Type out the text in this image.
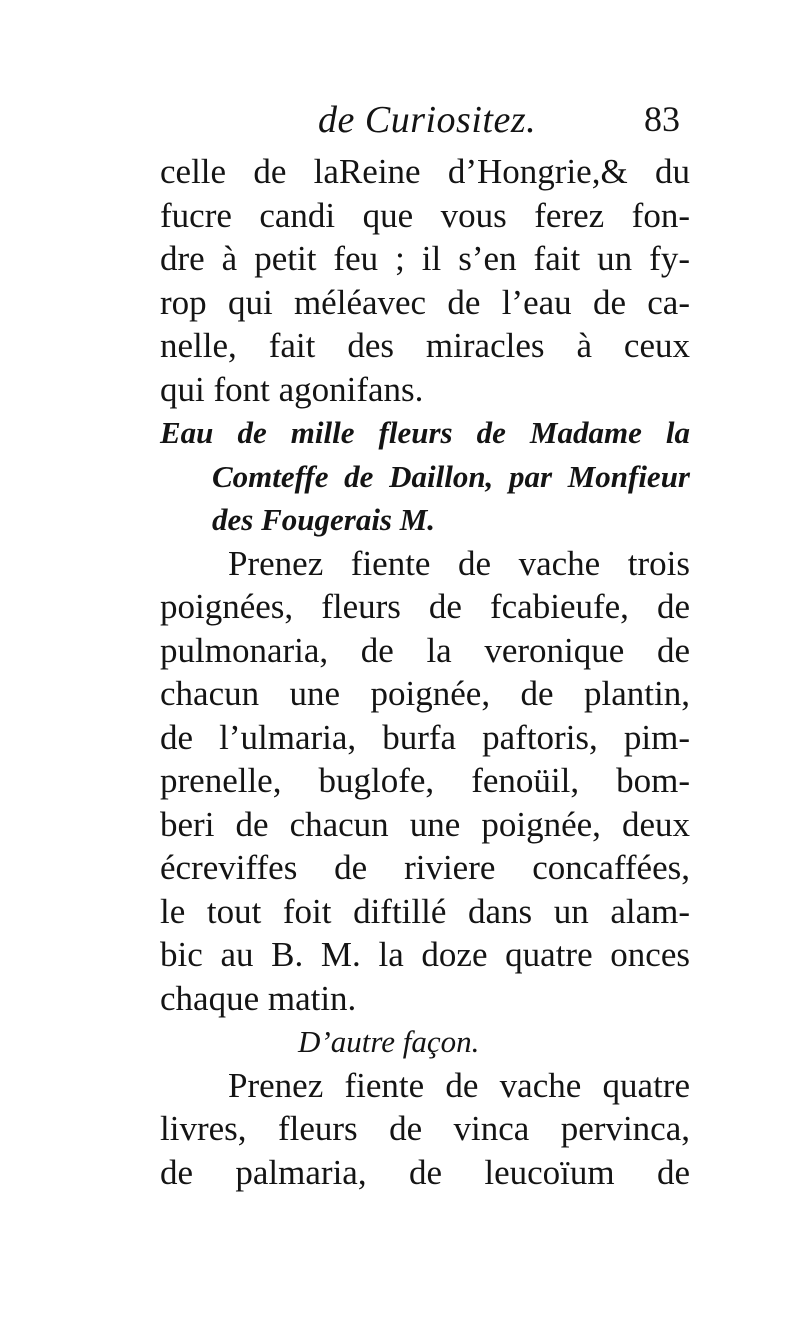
de Curiositez.	83
celle de laReine d’Hongrie,& du
fucre candi que vous ferez fon-
dre à petit feu ; il s’en fait un fy-
rop qui méléavec de l’eau de ca-
nelle, fait des miracles à ceux
qui font agonifans.
Eau de mille fleurs de Madame la
Comteffe de Daillon, par Monfieur
des Fougerais M.
Prenez fiente de vache trois
poignées, fleurs de fcabieufe, de
pulmonaria, de la veronique de
chacun une poignée, de plantin,
de l’ulmaria, burfa paftoris, pim-
prenelle, buglofe, fenoüil, bom-
beri de chacun une poignée, deux
écreviffes de riviere concaffées,
le tout foit diftillé dans un alam-
bic au B. M. la doze quatre onces
chaque matin.
D’autre façon.
Prenez fiente de vache quatre
livres, fleurs de vinca pervinca,
de palmaria, de leucoïum de
